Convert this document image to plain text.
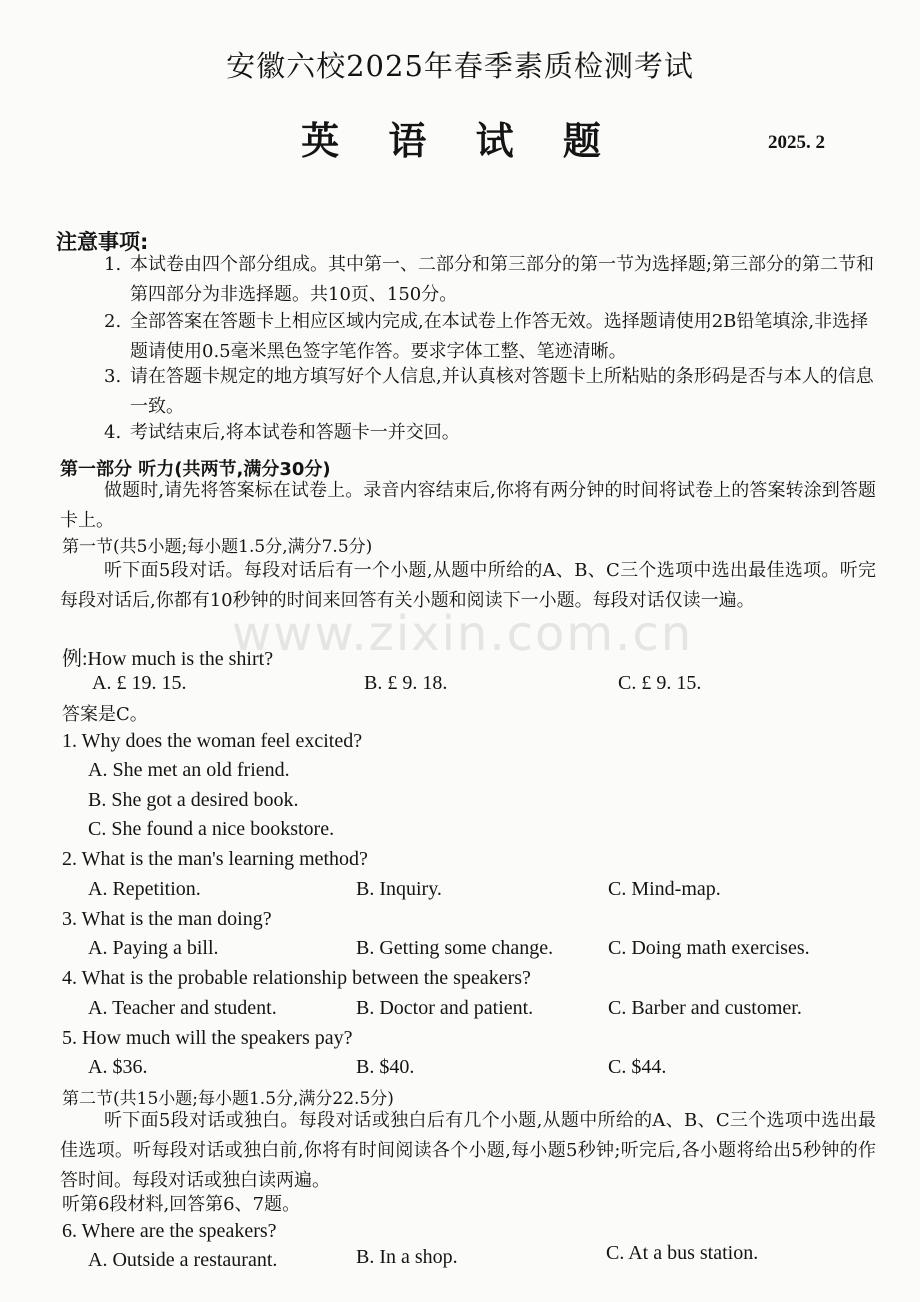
安徽六校2025年春季素质检测考试
英 语 试 题	2025. 2
注意事项:
1. 本试卷由四个部分组成。其中第一、二部分和第三部分的第一节为选择题;第三部分的第二节和第四部分为非选择题。共10页、150分。
2. 全部答案在答题卡上相应区域内完成,在本试卷上作答无效。选择题请使用2B铅笔填涂,非选择题请使用0.5毫米黑色签字笔作答。要求字体工整、笔迹清晰。
3. 请在答题卡规定的地方填写好个人信息,并认真核对答题卡上所粘贴的条形码是否与本人的信息一致。
4. 考试结束后,将本试卷和答题卡一并交回。
第一部分 听力(共两节,满分30分)
做题时,请先将答案标在试卷上。录音内容结束后,你将有两分钟的时间将试卷上的答案转涂到答题卡上。
第一节(共5小题;每小题1.5分,满分7.5分)
听下面5段对话。每段对话后有一个小题,从题中所给的A、B、C三个选项中选出最佳选项。听完每段对话后,你都有10秒钟的时间来回答有关小题和阅读下一小题。每段对话仅读一遍。
www.zixin.com.cn
例:How much is the shirt?
A. £ 19. 15.	B. £ 9. 18.	C. £ 9. 15.
答案是C。
1. Why does the woman feel excited?
A. She met an old friend.
B. She got a desired book.
C. She found a nice bookstore.
2. What is the man's learning method?
A. Repetition.	B. Inquiry.	C. Mind-map.
3. What is the man doing?
A. Paying a bill.	B. Getting some change.	C. Doing math exercises.
4. What is the probable relationship between the speakers?
A. Teacher and student.	B. Doctor and patient.	C. Barber and customer.
5. How much will the speakers pay?
A. $36.	B. $40.	C. $44.
第二节(共15小题;每小题1.5分,满分22.5分)
听下面5段对话或独白。每段对话或独白后有几个小题,从题中所给的A、B、C三个选项中选出最佳选项。听每段对话或独白前,你将有时间阅读各个小题,每小题5秒钟;听完后,各小题将给出5秒钟的作答时间。每段对话或独白读两遍。
听第6段材料,回答第6、7题。
6. Where are the speakers?
A. Outside a restaurant.	B. In a shop.	C. At a bus station.
